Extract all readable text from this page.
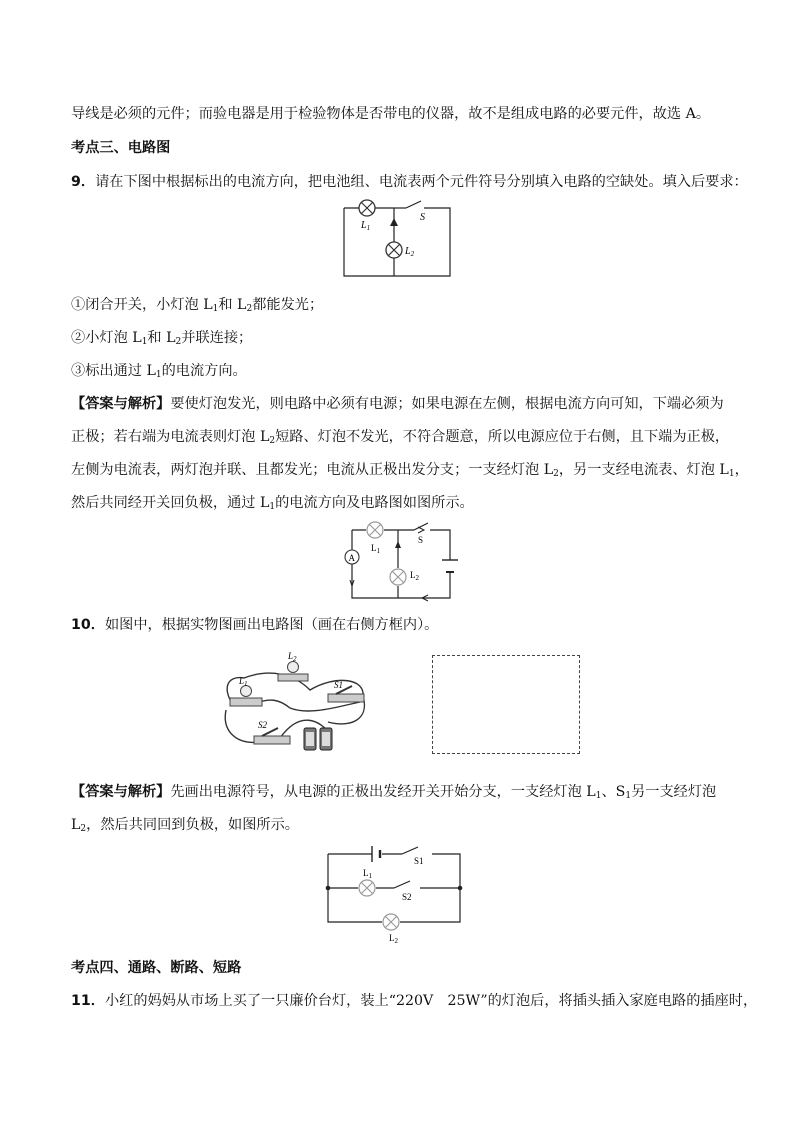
导线是必须的元件；而验电器是用于检验物体是否带电的仪器，故不是组成电路的必要元件，故选 A。
考点三、电路图
9．请在下图中根据标出的电流方向，把电池组、电流表两个元件符号分别填入电路的空缺处。填入后要求：
$L_1$
$L_2$
S
①闭合开关，小灯泡 $L_1$和 $L_2$都能发光；
②小灯泡 $L_1$和 $L_2$并联连接；
③标出通过 $L_1$的电流方向。
【答案与解析】要使灯泡发光，则电路中必须有电源；如果电源在左侧，根据电流方向可知，下端必须为
正极；若右端为电流表则灯泡 $L_2$短路、灯泡不发光，不符合题意，所以电源应位于右侧，且下端为正极，
左侧为电流表，两灯泡并联、且都发光；电流从正极出发分支；一支经灯泡 $L_2$，另一支经电流表、灯泡 $L_1$，
然后共同经开关回负极，通过 $L_1$的电流方向及电路图如图所示。
A
$L_1$
$L_2$
S
10．如图中，根据实物图画出电路图（画在右侧方框内）。
$L_2$
$L_1$	S1
S2
【答案与解析】先画出电源符号，从电源的正极出发经开关开始分支，一支经灯泡 $L_1$、$S_1$另一支经灯泡
$L_2$，然后共同回到负极，如图所示。
S1
S2
$L_1$
$L_2$
考点四、通路、断路、短路
11．小红的妈妈从市场上买了一只廉价台灯，装上“220V　25W”的灯泡后，将插头插入家庭电路的插座时，
